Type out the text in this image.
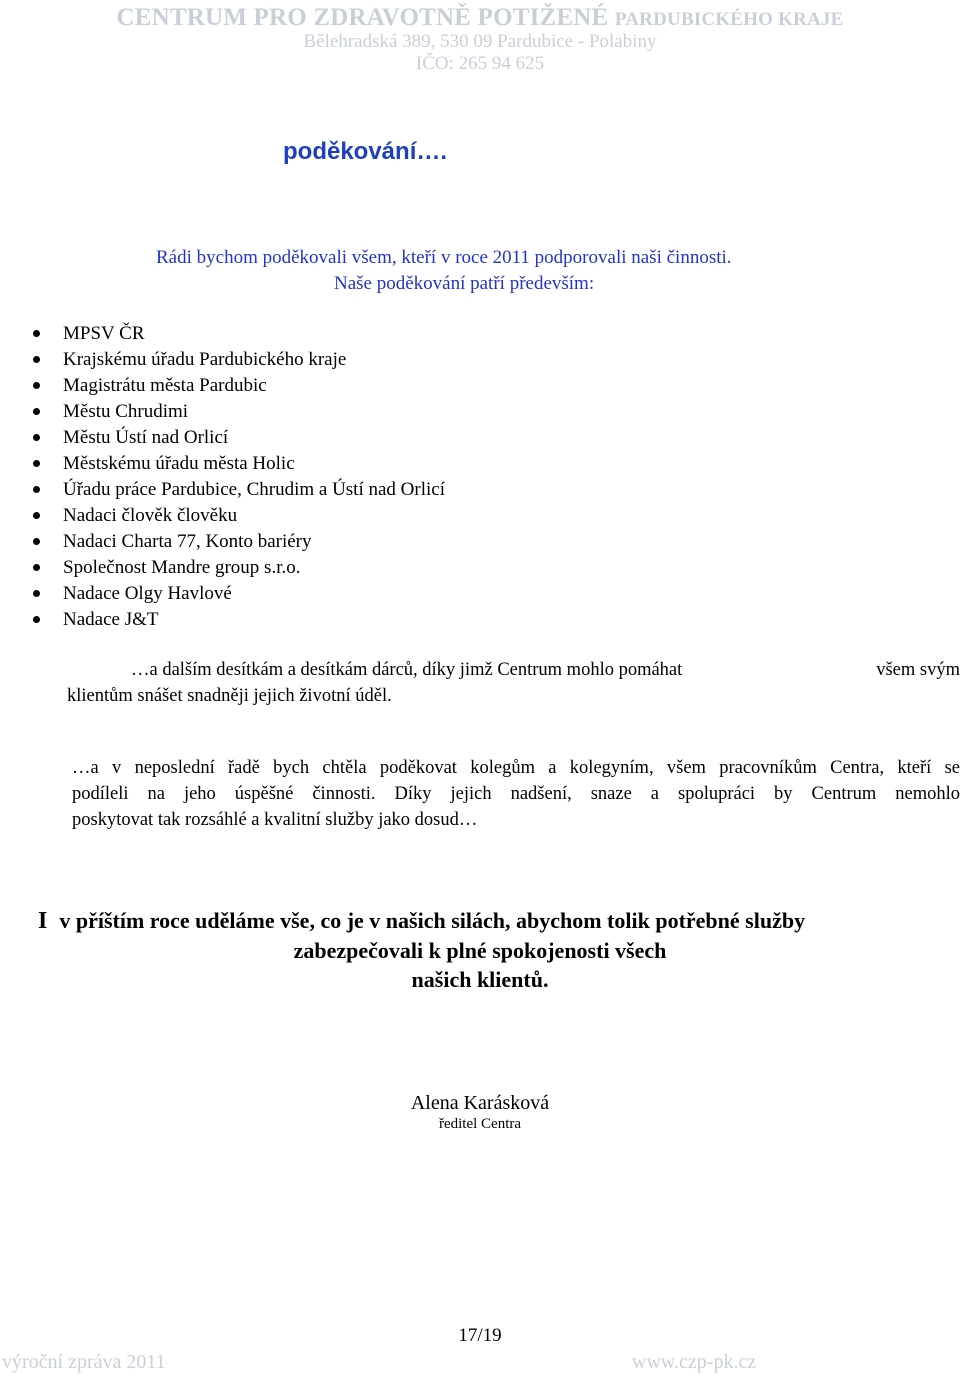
CENTRUM PRO ZDRAVOTNĚ POTIŽENÉ PARDUBICKÉHO KRAJE
Bělehradská 389, 530 09 Pardubice - Polabiny
IČO: 265 94 625
poděkování….
Rádi bychom poděkovali všem, kteří v roce 2011 podporovali naši činnosti.
Naše poděkování patří především:
MPSV ČR
Krajskému úřadu Pardubického kraje
Magistrátu města Pardubic
Městu Chrudimi
Městu Ústí nad Orlicí
Městskému úřadu města Holic
Úřadu práce Pardubice, Chrudim a Ústí nad Orlicí
Nadaci člověk člověku
Nadaci Charta 77, Konto bariéry
Společnost Mandre group s.r.o.
Nadace Olgy Havlové
Nadace J&T
…a dalším desítkám a desítkám dárců, díky jimž Centrum mohlo pomáhat	všem svým
klientům snášet snadněji jejich životní úděl.
…a v neposlední řadě bych chtěla poděkovat kolegům a kolegyním, všem pracovníkům Centra, kteří se
podíleli na jeho úspěšné činnosti. Díky jejich nadšení, snaze a spolupráci by Centrum nemohlo
poskytovat tak rozsáhlé a kvalitní služby jako dosud…
I v příštím roce uděláme vše, co je v našich silách, abychom tolik potřebné služby
zabezpečovali k plné spokojenosti všech
našich klientů.
Alena Karásková
ředitel Centra
17/19
výroční zpráva 2011	www.czp-pk.cz
